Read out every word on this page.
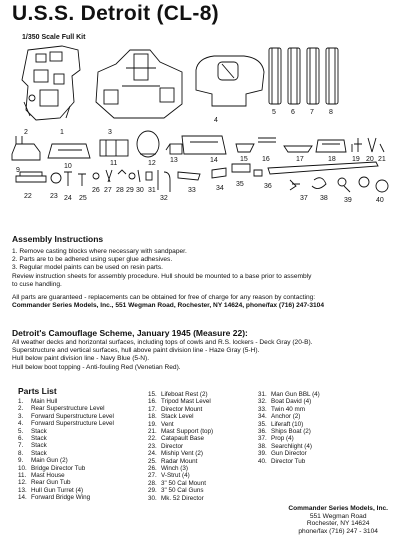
U.S.S. Detroit (CL-8)
1/350 Scale Full Kit
1
2	3
4
5 6 7 8
9
10	11	12 13	14	15 16	17	18 19 20 21
22	23 24 25
26 27 28 29 30 31
32
33	34
35	36
37 38 39	40
Assembly Instructions
1. Remove casting blocks where necessary with sandpaper.
2. Parts are to be adhered using super glue adhesives.
3. Regular model paints can be used on resin parts.
Review instruction sheets for assembly procedure. Hull should be mounted to a base prior to assembly
to cuse handling.
All parts are guaranteed - replacements can be obtained for free of charge for any reason by contacting:
Commander Series Models, Inc., 551 Wegman Road, Rochester, NY 14624, phone/fax (716) 247-3104
Detroit's Camouflage Scheme, January 1945 (Measure 22):
All weather decks and horizontal surfaces, including tops of cowls and R.S. lockers - Deck Gray (20-B).
Superstructure and vertical surfaces, hull above paint division line - Haze Gray (5-H).
Hull below paint division line - Navy Blue (5-N).
Hull below boot topping - Anti-fouling Red (Venetian Red).
Parts List
1.	Main Hull
2.	Rear Superstructure Level
3.	Forward Superstructure Level
4.	Forward Superstructure Level
5.	Stack
6.	Stack
7.	Stack
8.	Stack
9.	Main Gun (2)
10. Bridge Director Tub
11. Mast House
12. Rear Gun Tub
13. Hull Gun Turret (4)
14. Forward Bridge Wing
15. Lifeboat Rest (2)
16. Tripod Mast Level
17. Director Mount
18. Stack Level
19. Vent
21. Mast Support (top)
22. Catapault Base
23. Director
24. Miship Vent (2)
25. Radar Mount
26. Winch (3)
27. V-Strut (4)
28. 3" 50 Cal Mount
29. 3" 50 Cal Guns
30. Mk. 52 Director
31. Man Gun BBL (4)
32. Boat David (4)
33. Twin 40 mm
34. Anchor (2)
35. Liferaft (10)
36. Ships Boat (2)
37. Prop (4)
38. Searchlight (4)
39. Gun Director
40. Director Tub
Commander Series Models, Inc.
551 Wegman Road
Rochester, NY 14624
phone/fax (716) 247 - 3104
